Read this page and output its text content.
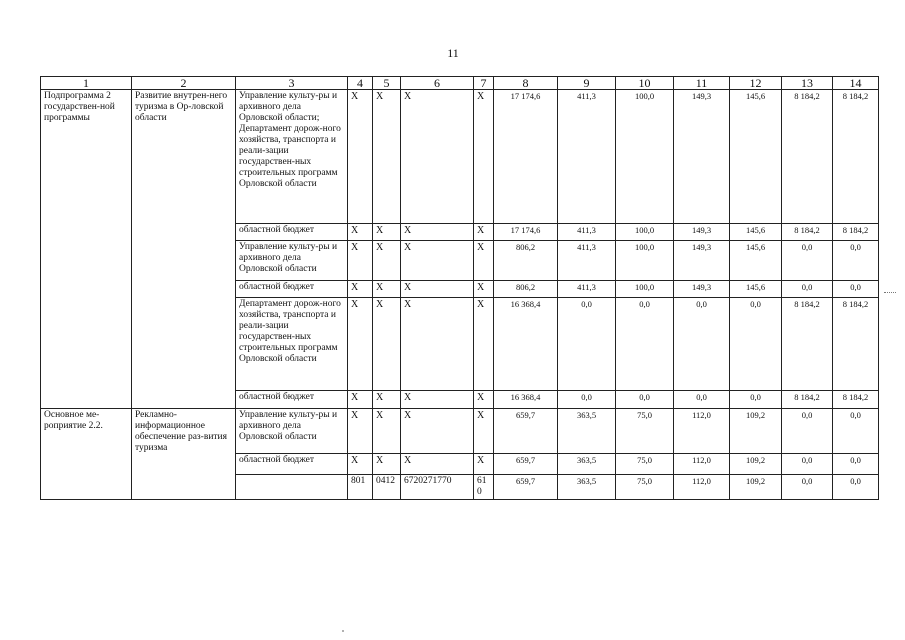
11
1	2	3	4	5	6	7	8	9	10	11	12	13	14
Подпрограмма 2 государствен-ной программы	Развитие внутрен-него туризма в Ор-ловской области	Управление культу-ры и архивного дела Орловской области; Департамент дорож-ного хозяйства, транспорта и реали-зации государствен-ных строительных программ Орловской области	X	X	X	X	17 174,6	411,3	100,0	149,3	145,6	8 184,2	8 184,2
		областной бюджет	X	X	X	X	17 174,6	411,3	100,0	149,3	145,6	8 184,2	8 184,2
		Управление культу-ры и архивного дела Орловской области	X	X	X	X	806,2	411,3	100,0	149,3	145,6	0,0	0,0
		областной бюджет	X	X	X	X	806,2	411,3	100,0	149,3	145,6	0,0	0,0
		Департамент дорож-ного хозяйства, транспорта и реали-зации государствен-ных строительных программ Орловской области	X	X	X	X	16 368,4	0,0	0,0	0,0	0,0	8 184,2	8 184,2
		областной бюджет	X	X	X	X	16 368,4	0,0	0,0	0,0	0,0	8 184,2	8 184,2
Основное ме-роприятие 2.2.	Рекламно-информационное обеспечение раз-вития туризма	Управление культу-ры и архивного дела Орловской области	X	X	X	X	659,7	363,5	75,0	112,0	109,2	0,0	0,0
		областной бюджет	X	X	X	X	659,7	363,5	75,0	112,0	109,2	0,0	0,0
			801	0412	6720271770	610	659,7	363,5	75,0	112,0	109,2	0,0	0,0
